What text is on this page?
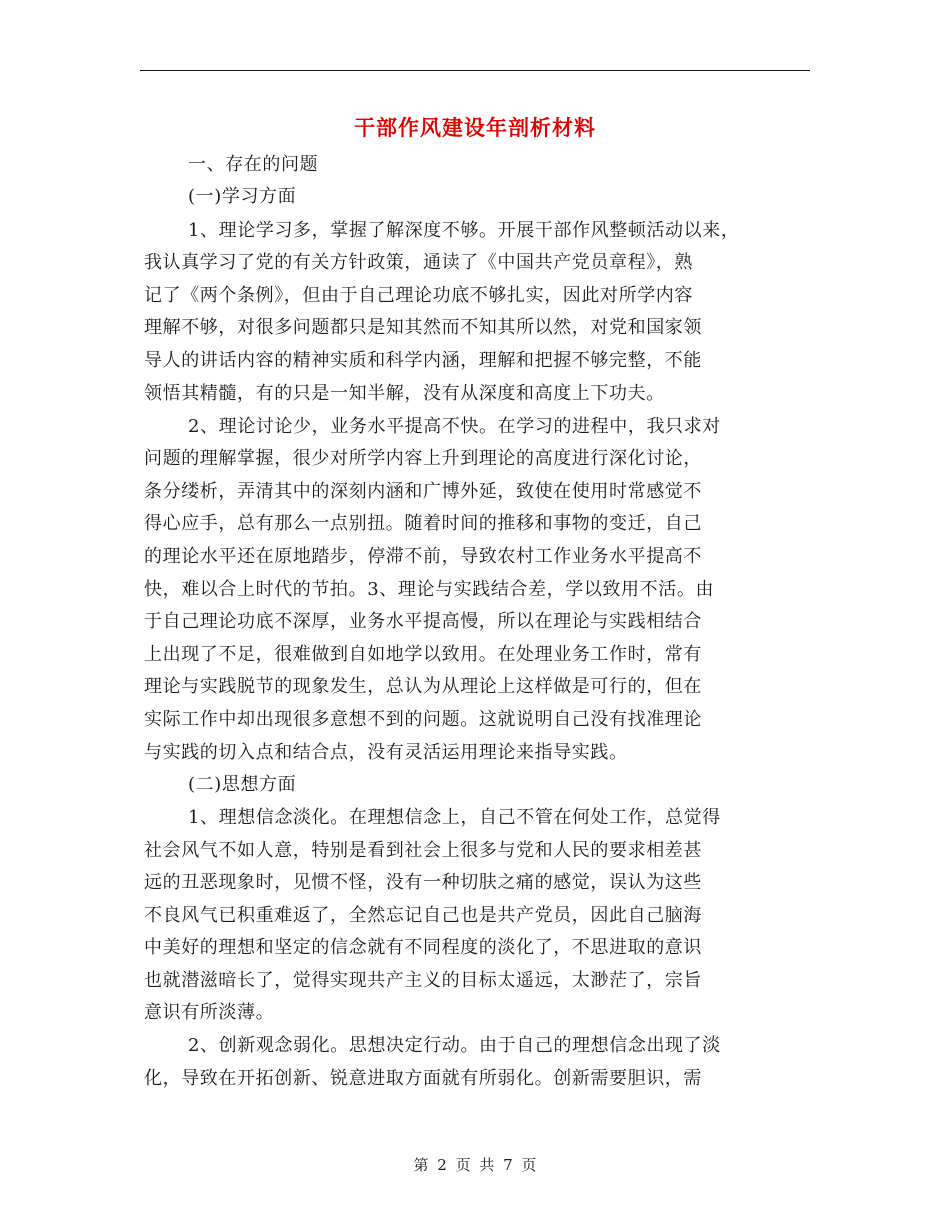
干部作风建设年剖析材料
一、存在的问题
(一)学习方面
1、理论学习多，掌握了解深度不够。开展干部作风整顿活动以来，
我认真学习了党的有关方针政策，通读了《中国共产党员章程》，熟
记了《两个条例》，但由于自己理论功底不够扎实，因此对所学内容
理解不够，对很多问题都只是知其然而不知其所以然，对党和国家领
导人的讲话内容的精神实质和科学内涵，理解和把握不够完整，不能
领悟其精髓，有的只是一知半解，没有从深度和高度上下功夫。
2、理论讨论少，业务水平提高不快。在学习的进程中，我只求对
问题的理解掌握，很少对所学内容上升到理论的高度进行深化讨论，
条分缕析，弄清其中的深刻内涵和广博外延，致使在使用时常感觉不
得心应手，总有那么一点别扭。随着时间的推移和事物的变迁，自己
的理论水平还在原地踏步，停滞不前，导致农村工作业务水平提高不
快，难以合上时代的节拍。3、理论与实践结合差，学以致用不活。由
于自己理论功底不深厚，业务水平提高慢，所以在理论与实践相结合
上出现了不足，很难做到自如地学以致用。在处理业务工作时，常有
理论与实践脱节的现象发生，总认为从理论上这样做是可行的，但在
实际工作中却出现很多意想不到的问题。这就说明自己没有找准理论
与实践的切入点和结合点，没有灵活运用理论来指导实践。
(二)思想方面
1、理想信念淡化。在理想信念上，自己不管在何处工作，总觉得
社会风气不如人意，特别是看到社会上很多与党和人民的要求相差甚
远的丑恶现象时，见惯不怪，没有一种切肤之痛的感觉，误认为这些
不良风气已积重难返了，全然忘记自己也是共产党员，因此自己脑海
中美好的理想和坚定的信念就有不同程度的淡化了，不思进取的意识
也就潜滋暗长了，觉得实现共产主义的目标太遥远，太渺茫了，宗旨
意识有所淡薄。
2、创新观念弱化。思想决定行动。由于自己的理想信念出现了淡
化，导致在开拓创新、锐意进取方面就有所弱化。创新需要胆识，需
第 2 页 共 7 页
